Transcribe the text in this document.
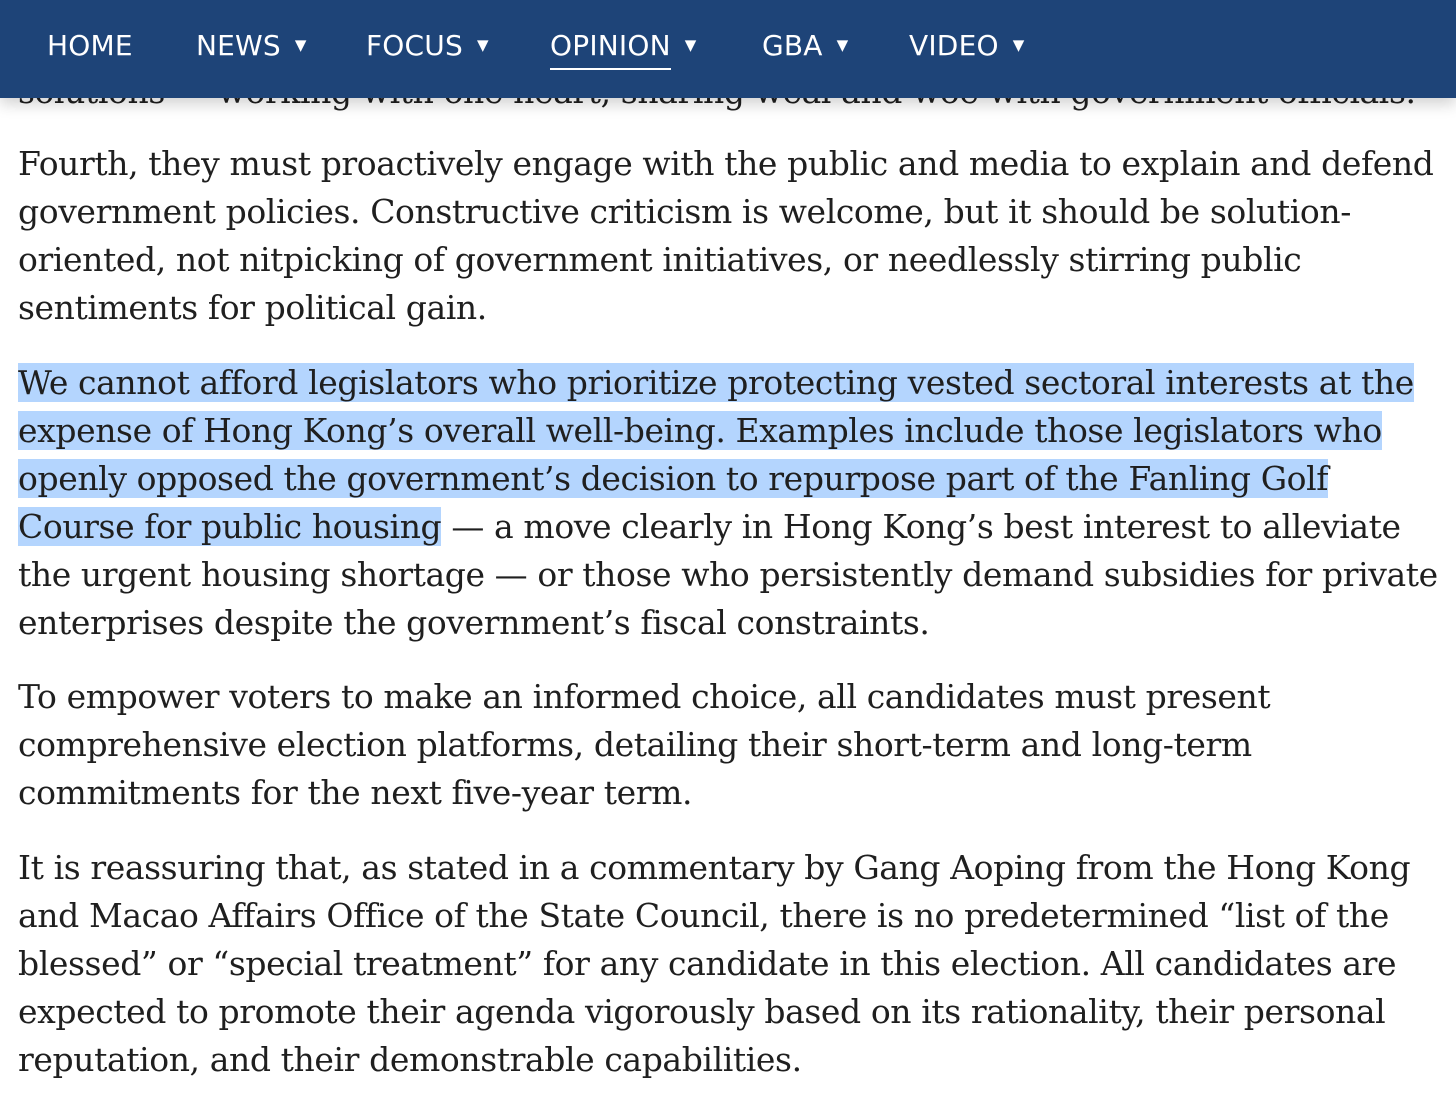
HOME NEWS ▼ FOCUS ▼ OPINION ▼ GBA ▼ VIDEO ▼

Fourth, they must proactively engage with the public and media to explain and defend government policies. Constructive criticism is welcome, but it should be solution-oriented, not nitpicking of government initiatives, or needlessly stirring public sentiments for political gain.

We cannot afford legislators who prioritize protecting vested sectoral interests at the expense of Hong Kong’s overall well-being. Examples include those legislators who openly opposed the government’s decision to repurpose part of the Fanling Golf Course for public housing — a move clearly in Hong Kong’s best interest to alleviate the urgent housing shortage — or those who persistently demand subsidies for private enterprises despite the government’s fiscal constraints.

To empower voters to make an informed choice, all candidates must present comprehensive election platforms, detailing their short-term and long-term commitments for the next five-year term.

It is reassuring that, as stated in a commentary by Gang Aoping from the Hong Kong and Macao Affairs Office of the State Council, there is no predetermined “list of the blessed” or “special treatment” for any candidate in this election. All candidates are expected to promote their agenda vigorously based on its rationality, their personal reputation, and their demonstrable capabilities.
